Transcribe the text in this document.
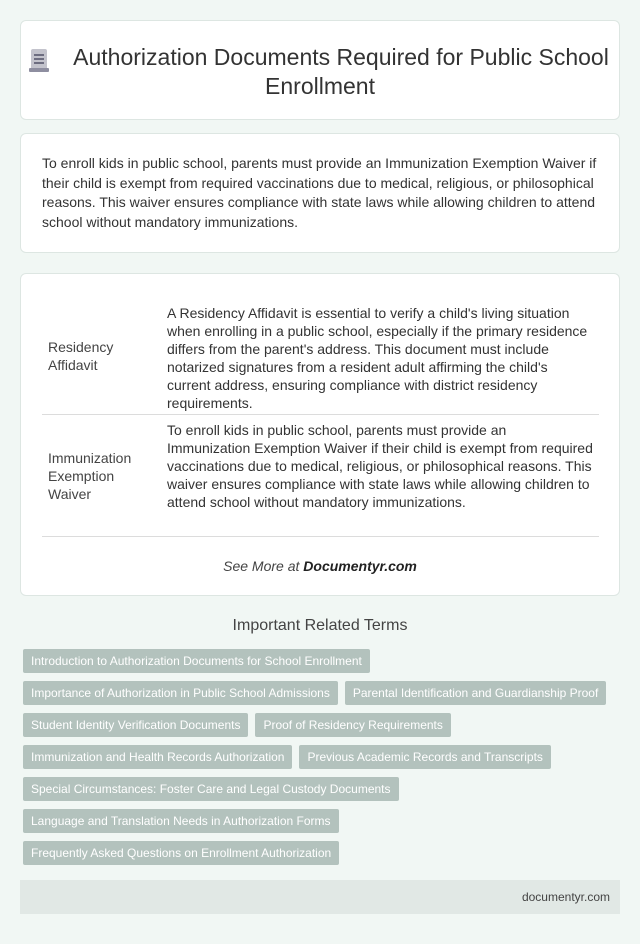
Authorization Documents Required for Public School Enrollment

To enroll kids in public school, parents must provide an Immunization Exemption Waiver if their child is exempt from required vaccinations due to medical, religious, or philosophical reasons. This waiver ensures compliance with state laws while allowing children to attend school without mandatory immunizations.

Residency Affidavit
A Residency Affidavit is essential to verify a child's living situation when enrolling in a public school, especially if the primary residence differs from the parent's address. This document must include notarized signatures from a resident adult affirming the child's current address, ensuring compliance with district residency requirements.
Immunization Exemption Waiver
To enroll kids in public school, parents must provide an Immunization Exemption Waiver if their child is exempt from required vaccinations due to medical, religious, or philosophical reasons. This waiver ensures compliance with state laws while allowing children to attend school without mandatory immunizations.
See More at Documentyr.com
Important Related Terms
Introduction to Authorization Documents for School Enrollment
Importance of Authorization in Public School Admissions	Parental Identification and Guardianship Proof
Student Identity Verification Documents	Proof of Residency Requirements
Immunization and Health Records Authorization	Previous Academic Records and Transcripts
Special Circumstances: Foster Care and Legal Custody Documents
Language and Translation Needs in Authorization Forms
Frequently Asked Questions on Enrollment Authorization
documentyr.com
